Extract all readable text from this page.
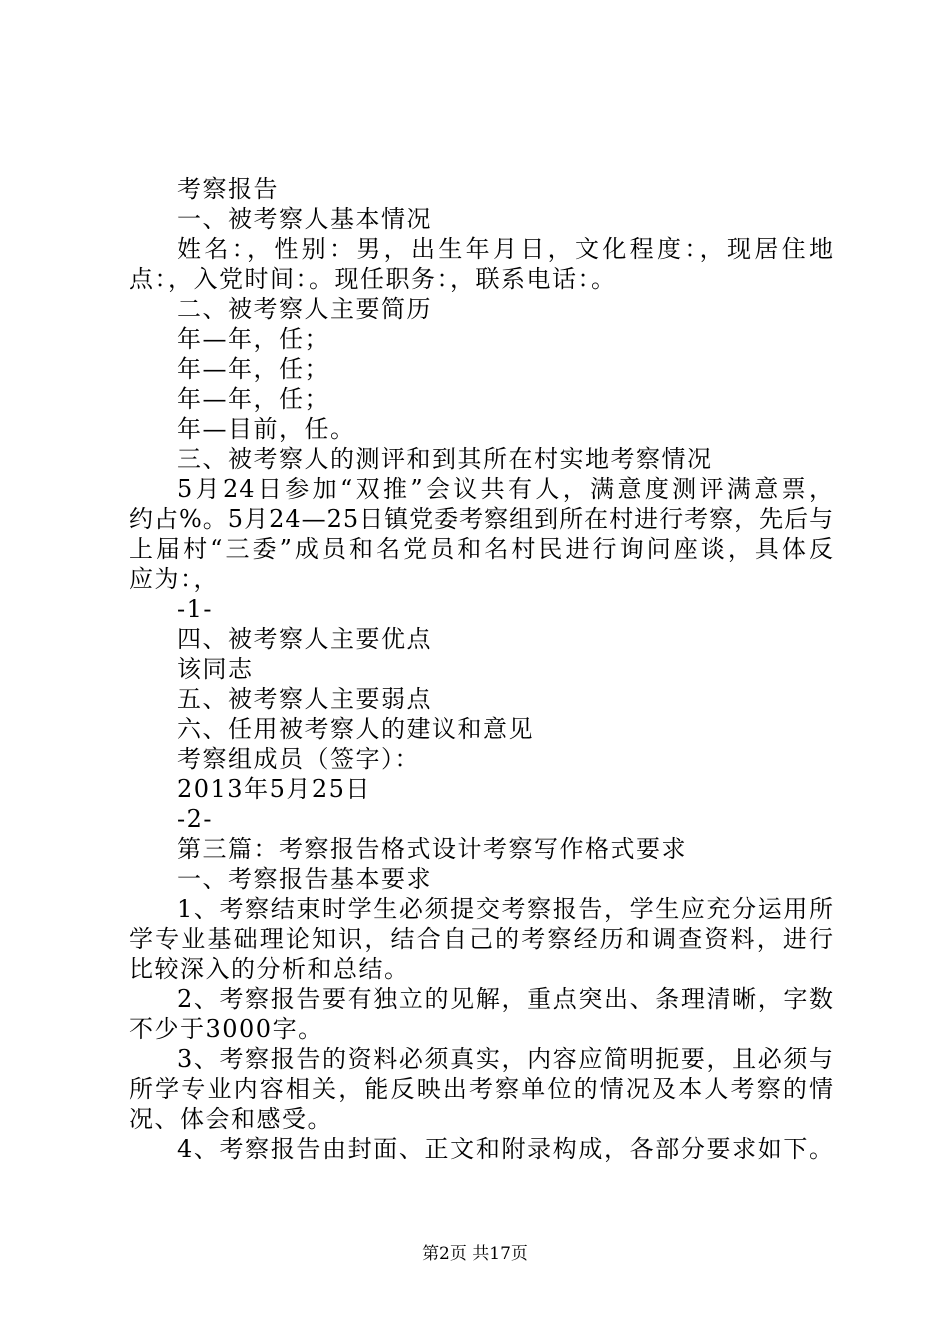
考察报告
一、被考察人基本情况
姓名：，性别：男，出生年月日，文化程度：，现居住地
点：，入党时间：。现任职务：，联系电话：。
二、被考察人主要简历
年—年，任；
年—年，任；
年—年，任；
年—目前，任。
三、被考察人的测评和到其所在村实地考察情况
5月24日参加“双推”会议共有人，满意度测评满意票，
约占%。5月24—25日镇党委考察组到所在村进行考察，先后与
上届村“三委”成员和名党员和名村民进行询问座谈，具体反
应为：，
-1-
四、被考察人主要优点
该同志
五、被考察人主要弱点
六、任用被考察人的建议和意见
考察组成员（签字）：
2013年5月25日
-2-
第三篇：考察报告格式设计考察写作格式要求
一、考察报告基本要求
1、考察结束时学生必须提交考察报告，学生应充分运用所
学专业基础理论知识，结合自己的考察经历和调查资料，进行
比较深入的分析和总结。
2、考察报告要有独立的见解，重点突出、条理清晰，字数
不少于3000字。
3、考察报告的资料必须真实，内容应简明扼要，且必须与
所学专业内容相关，能反映出考察单位的情况及本人考察的情
况、体会和感受。
4、考察报告由封面、正文和附录构成，各部分要求如下。
第2页 共17页
